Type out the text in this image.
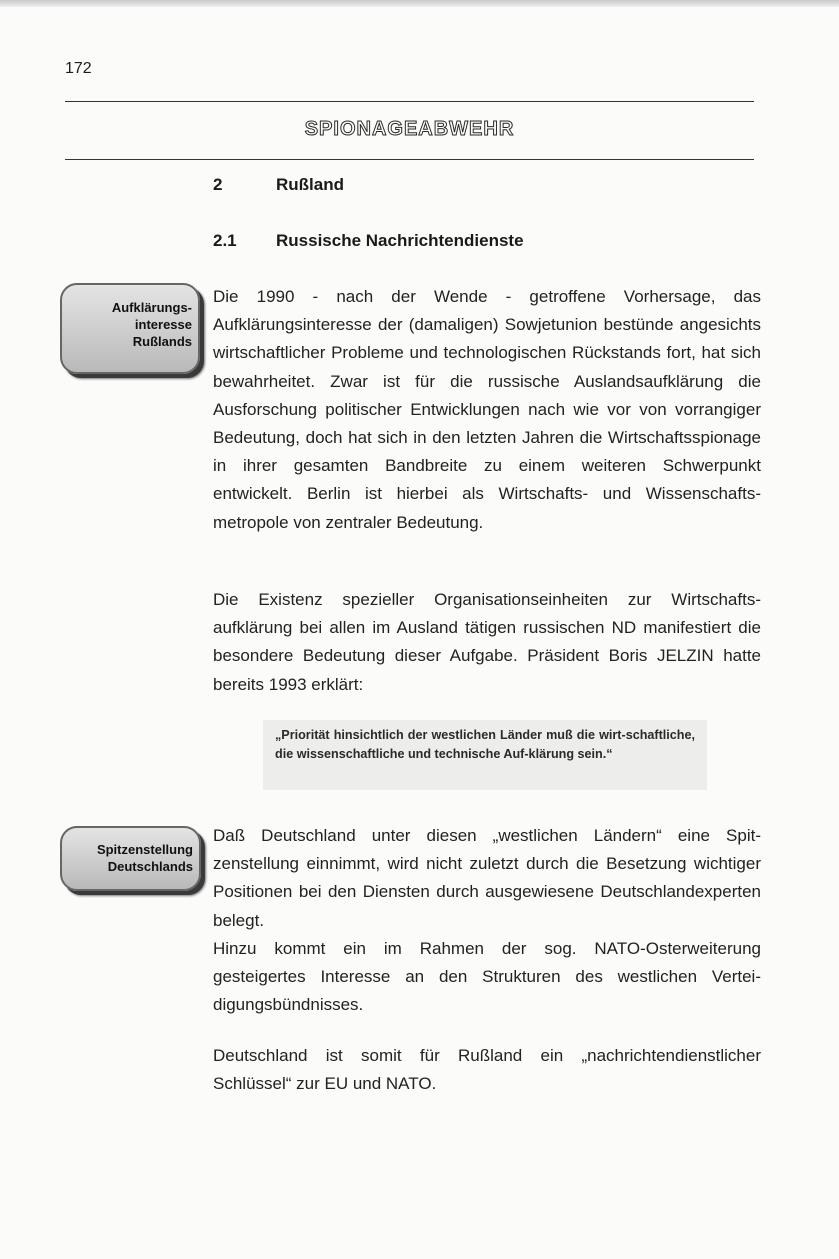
172
SPIONAGEABWEHR
2	Rußland
2.1 Russische Nachrichtendienste
Aufklärungs-
interesse
Rußlands

Die 1990 - nach der Wende - getroffene Vorhersage, das Aufklärungsinteresse der (damaligen) Sowjetunion bestünde angesichts wirtschaftlicher Probleme und technologischen Rückstands fort, hat sich bewahrheitet. Zwar ist für die russische Auslandsaufklärung die Ausforschung politischer Entwicklungen nach wie vor von vorrangiger Bedeutung, doch hat sich in den letzten Jahren die Wirtschaftsspionage in ihrer gesamten Bandbreite zu einem weiteren Schwerpunkt entwickelt. Berlin ist hierbei als Wirtschafts- und Wissenschafts-metropole von zentraler Bedeutung.

Die Existenz spezieller Organisationseinheiten zur Wirtschafts-aufklärung bei allen im Ausland tätigen russischen ND manifestiert die besondere Bedeutung dieser Aufgabe. Präsident Boris JELZIN hatte bereits 1993 erklärt:

„Priorität hinsichtlich der westlichen Länder muß die wirt-schaftliche, die wissenschaftliche und technische Auf-klärung sein.“

Spitzenstellung
Deutschlands
Daß Deutschland unter diesen „westlichen Ländern“ eine Spit-zenstellung einnimmt, wird nicht zuletzt durch die Besetzung wichtiger Positionen bei den Diensten durch ausgewiesene Deutschlandexperten belegt.
Hinzu kommt ein im Rahmen der sog. NATO-Osterweiterung gesteigertes Interesse an den Strukturen des westlichen Vertei-digungsbündnisses.

Deutschland ist somit für Rußland ein „nachrichtendienstlicher Schlüssel“ zur EU und NATO.
